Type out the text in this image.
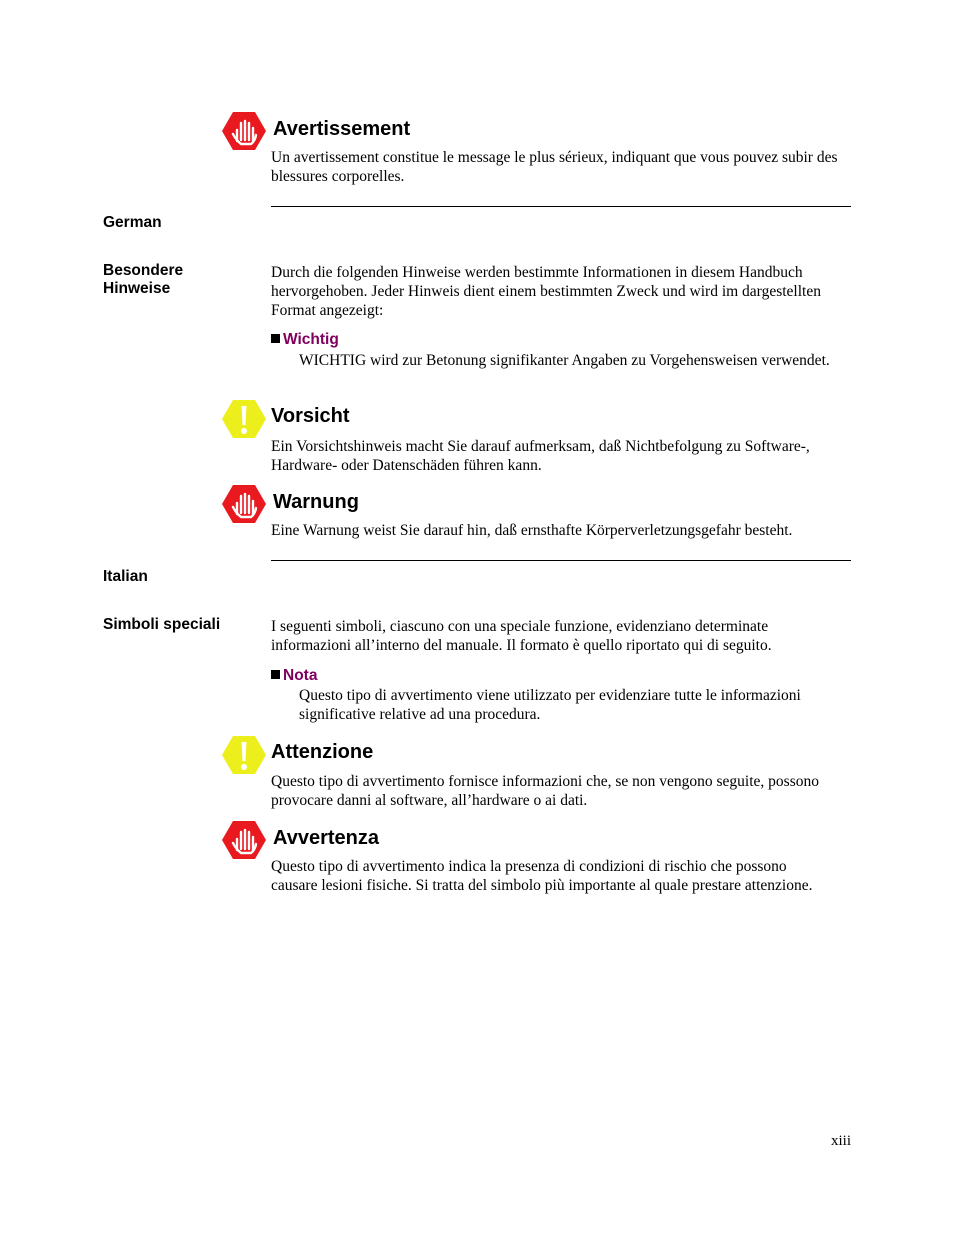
Avertissement
Un avertissement constitue le message le plus sérieux, indiquant que vous pouvez subir des blessures corporelles.
German
Besondere Hinweise
Durch die folgenden Hinweise werden bestimmte Informationen in diesem Handbuch hervorgehoben. Jeder Hinweis dient einem bestimmten Zweck und wird im dargestellten Format angezeigt:
Wichtig
WICHTIG wird zur Betonung signifikanter Angaben zu Vorgehensweisen verwendet.
Vorsicht
Ein Vorsichtshinweis macht Sie darauf aufmerksam, daß Nichtbefolgung zu Software-, Hardware- oder Datenschäden führen kann.
Warnung
Eine Warnung weist Sie darauf hin, daß ernsthafte Körperverletzungsgefahr besteht.
Italian
Simboli speciali	I seguenti simboli, ciascuno con una speciale funzione, evidenziano determinate informazioni all’interno del manuale. Il formato è quello riportato qui di seguito.
Nota
Questo tipo di avvertimento viene utilizzato per evidenziare tutte le informazioni significative relative ad una procedura.
Attenzione
Questo tipo di avvertimento fornisce informazioni che, se non vengono seguite, possono provocare danni al software, all’hardware o ai dati.
Avvertenza
Questo tipo di avvertimento indica la presenza di condizioni di rischio che possono causare lesioni fisiche. Si tratta del simbolo più importante al quale prestare attenzione.
xiii
